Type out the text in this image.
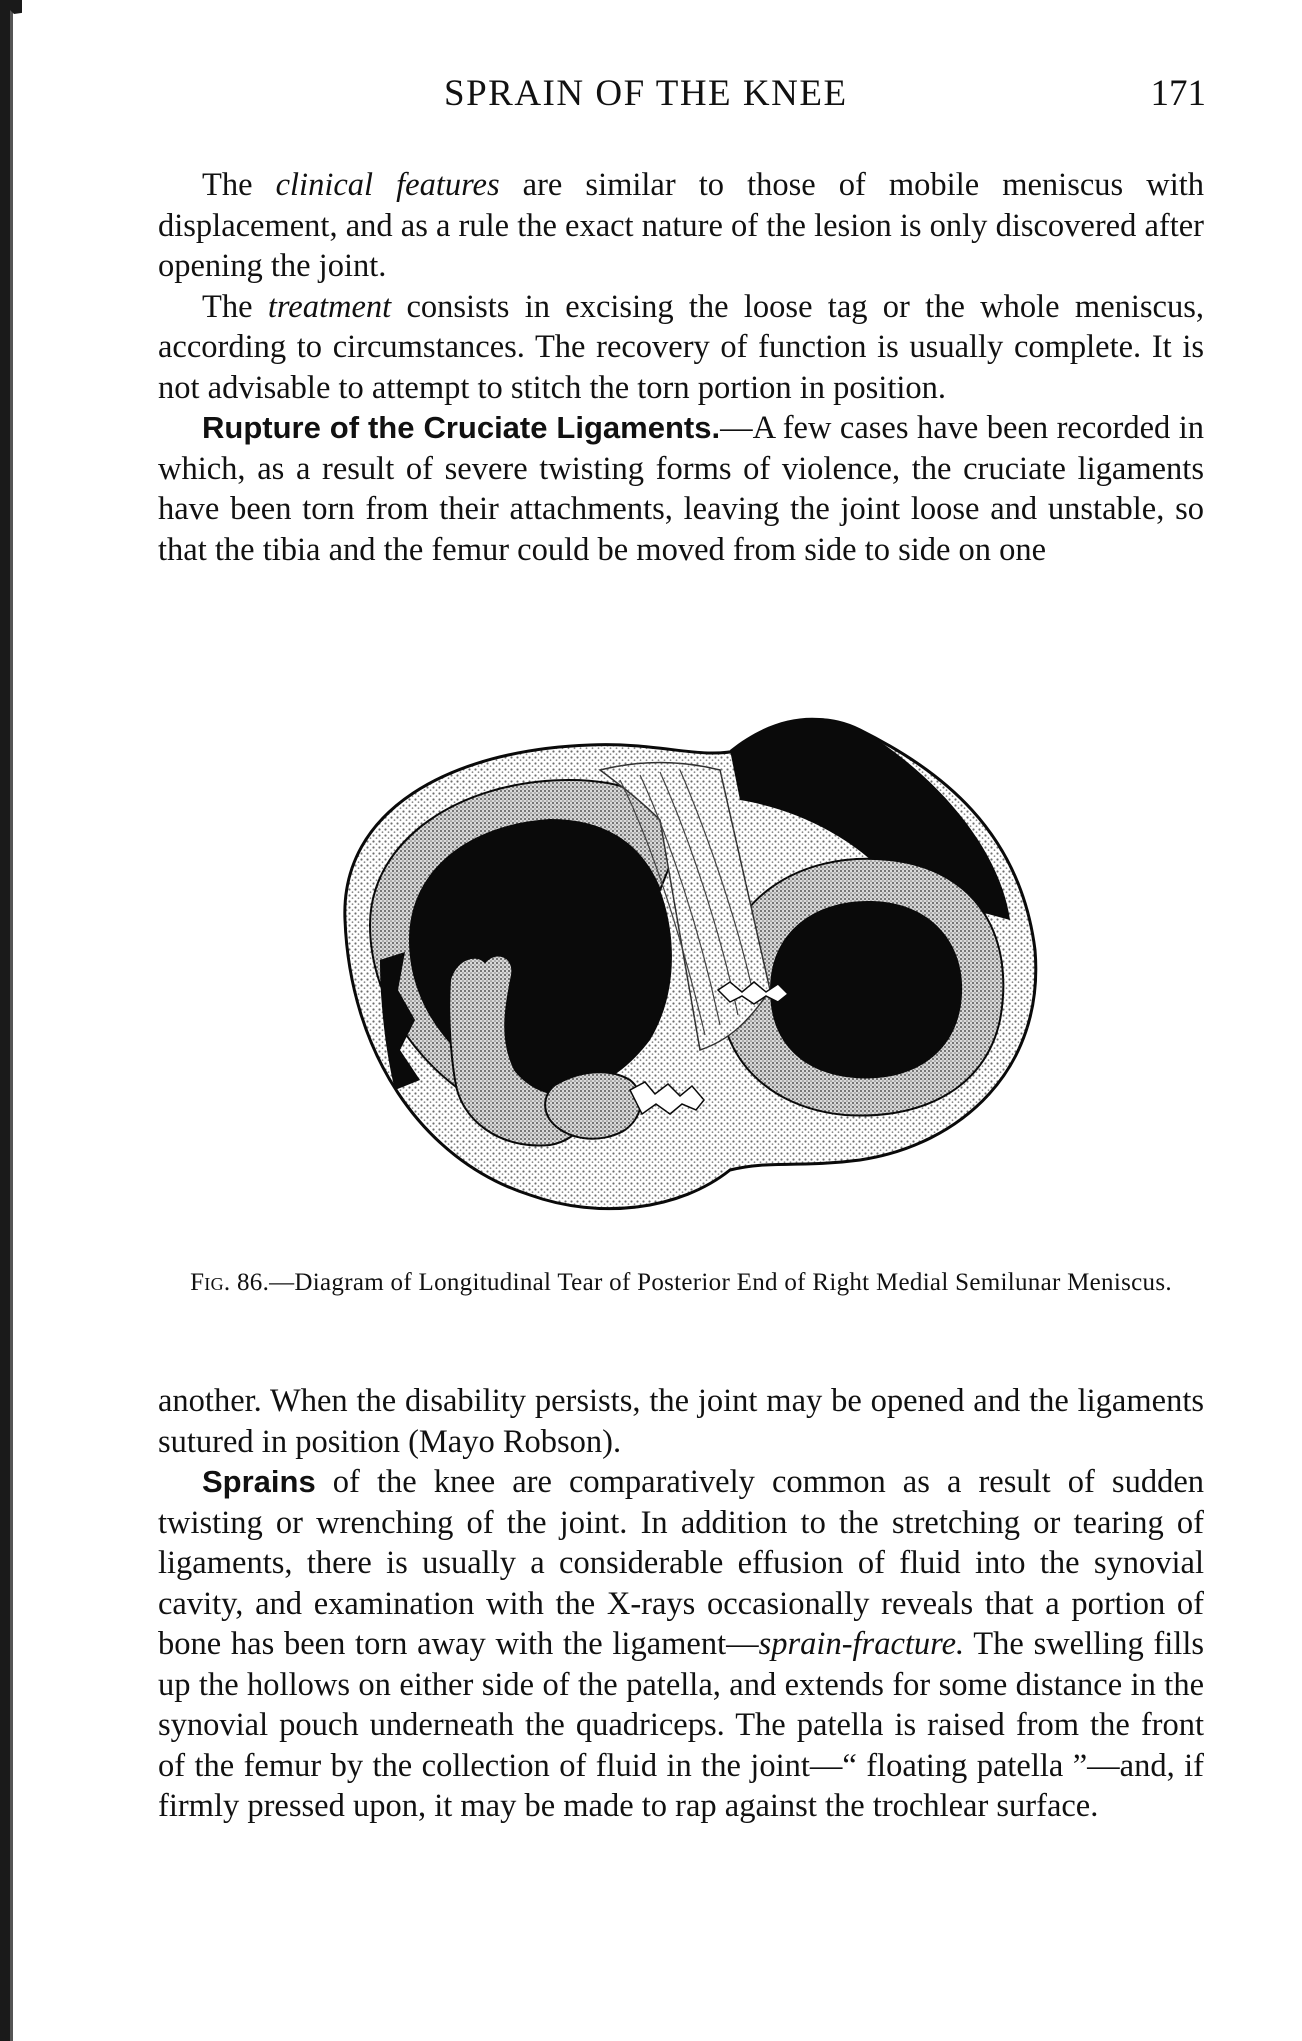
SPRAIN OF THE KNEE	171

The clinical features are similar to those of mobile meniscus with displacement, and as a rule the exact nature of the lesion is only discovered after opening the joint.

The treatment consists in excising the loose tag or the whole meniscus, according to circumstances. The recovery of function is usually complete. It is not advisable to attempt to stitch the torn portion in position.

Rupture of the Cruciate Ligaments.—A few cases have been recorded in which, as a result of severe twisting forms of violence, the cruciate ligaments have been torn from their attachments, leaving the joint loose and unstable, so that the tibia and the femur could be moved from side to side on one

Fig. 86.—Diagram of Longitudinal Tear of Posterior End of Right Medial Semilunar Meniscus.

another. When the disability persists, the joint may be opened and the ligaments sutured in position (Mayo Robson).

Sprains of the knee are comparatively common as a result of sudden twisting or wrenching of the joint. In addition to the stretching or tearing of ligaments, there is usually a considerable effusion of fluid into the synovial cavity, and examination with the X-rays occasionally reveals that a portion of bone has been torn away with the ligament—sprain-fracture. The swelling fills up the hollows on either side of the patella, and extends for some distance in the synovial pouch underneath the quadriceps. The patella is raised from the front of the femur by the collection of fluid in the joint—“ floating patella ”—and, if firmly pressed upon, it may be made to rap against the trochlear surface.
